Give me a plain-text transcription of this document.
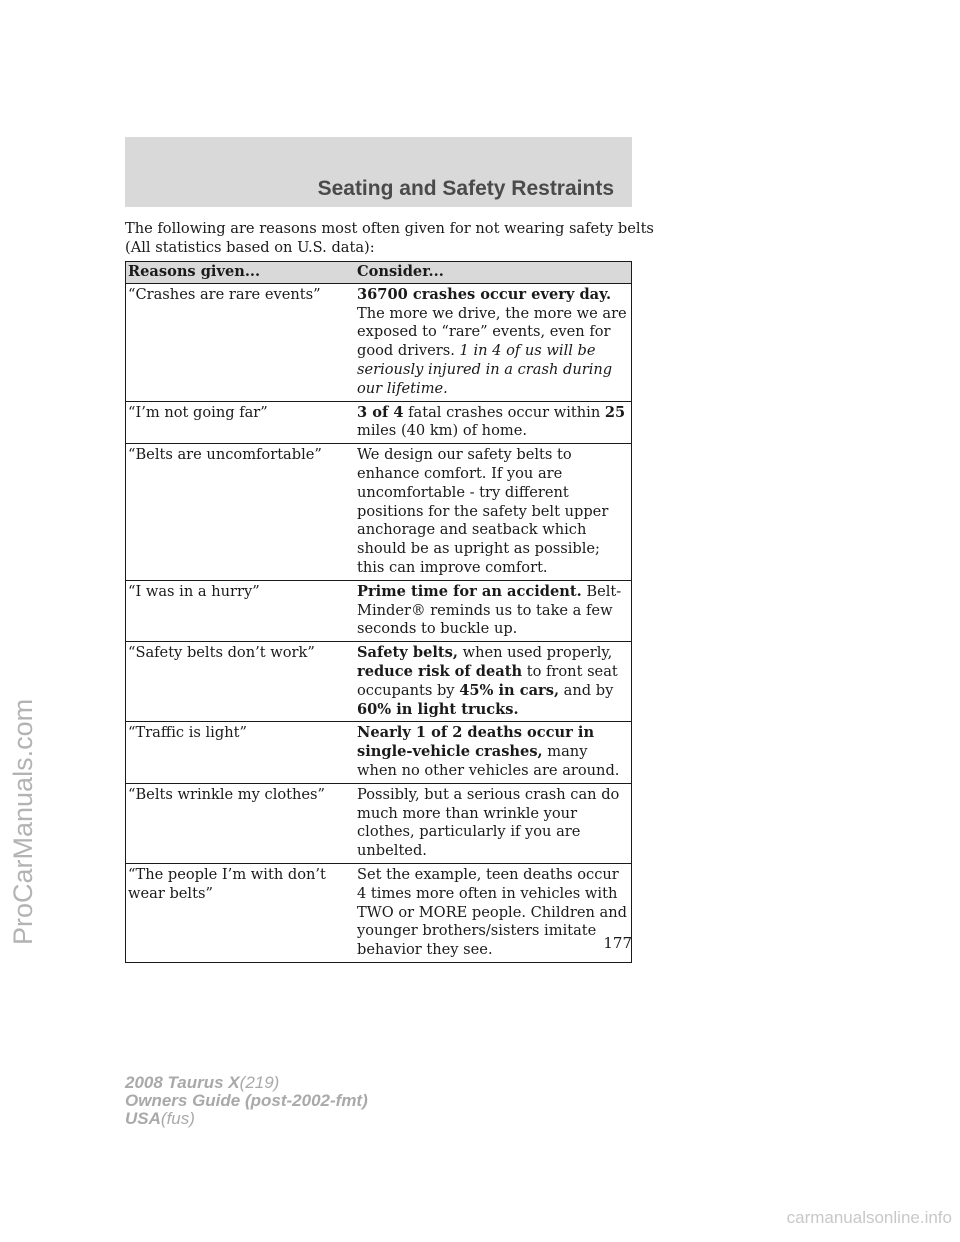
Seating and Safety Restraints

The following are reasons most often given for not wearing safety belts
(All statistics based on U.S. data):

Reasons given...	Consider...
“Crashes are rare events”	36700 crashes occur every day. The more we drive, the more we are exposed to “rare” events, even for good drivers. 1 in 4 of us will be seriously injured in a crash during our lifetime.
“I’m not going far”	3 of 4 fatal crashes occur within 25 miles (40 km) of home.
“Belts are uncomfortable”	We design our safety belts to enhance comfort. If you are uncomfortable - try different positions for the safety belt upper anchorage and seatback which should be as upright as possible; this can improve comfort.
“I was in a hurry”	Prime time for an accident. Belt-Minder® reminds us to take a few seconds to buckle up.
“Safety belts don’t work”	Safety belts, when used properly, reduce risk of death to front seat occupants by 45% in cars, and by 60% in light trucks.
“Traffic is light”	Nearly 1 of 2 deaths occur in single-vehicle crashes, many when no other vehicles are around.
“Belts wrinkle my clothes”	Possibly, but a serious crash can do much more than wrinkle your clothes, particularly if you are unbelted.
“The people I’m with don’t wear belts”	Set the example, teen deaths occur 4 times more often in vehicles with TWO or MORE people. Children and younger brothers/sisters imitate behavior they see.	177
2008 Taurus X(219)
Owners Guide (post-2002-fmt)
USA(fus)
ProCarManuals.com
carmanualsonline.info
